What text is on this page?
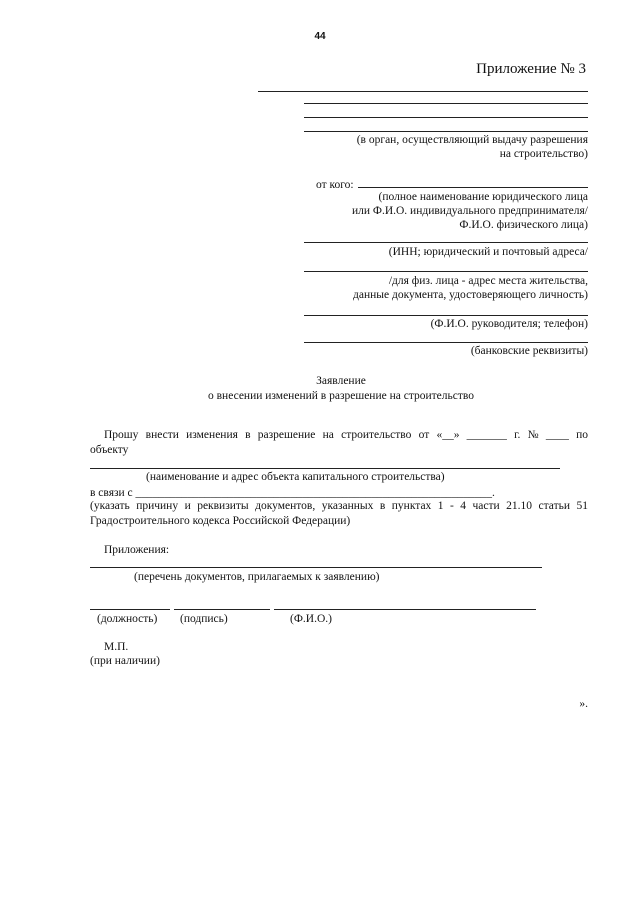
44
Приложение № 3
(в орган, осуществляющий выдачу разрешения
на строительство)
от кого:
(полное наименование юридического лица
или Ф.И.О. индивидуального предпринимателя/
Ф.И.О. физического лица)
(ИНН; юридический и почтовый адреса/
/для физ. лица - адрес места жительства,
данные документа, удостоверяющего личность)
(Ф.И.О. руководителя; телефон)
(банковские реквизиты)
Заявление
о внесении изменений в разрешение на строительство
Прошу внести изменения в разрешение на строительство от «__» _______ г. № ____ по
объекту
(наименование и адрес объекта капитального строительства)
в связи с ______________________________________________________________.
(указать причину и реквизиты документов, указанных в пунктах 1 - 4 части 21.10 статьи 51
Градостроительного кодекса Российской Федерации)
Приложения:
(перечень документов, прилагаемых к заявлению)
(должность) (подпись)	(Ф.И.О.)
М.П.
(при наличии)
».
